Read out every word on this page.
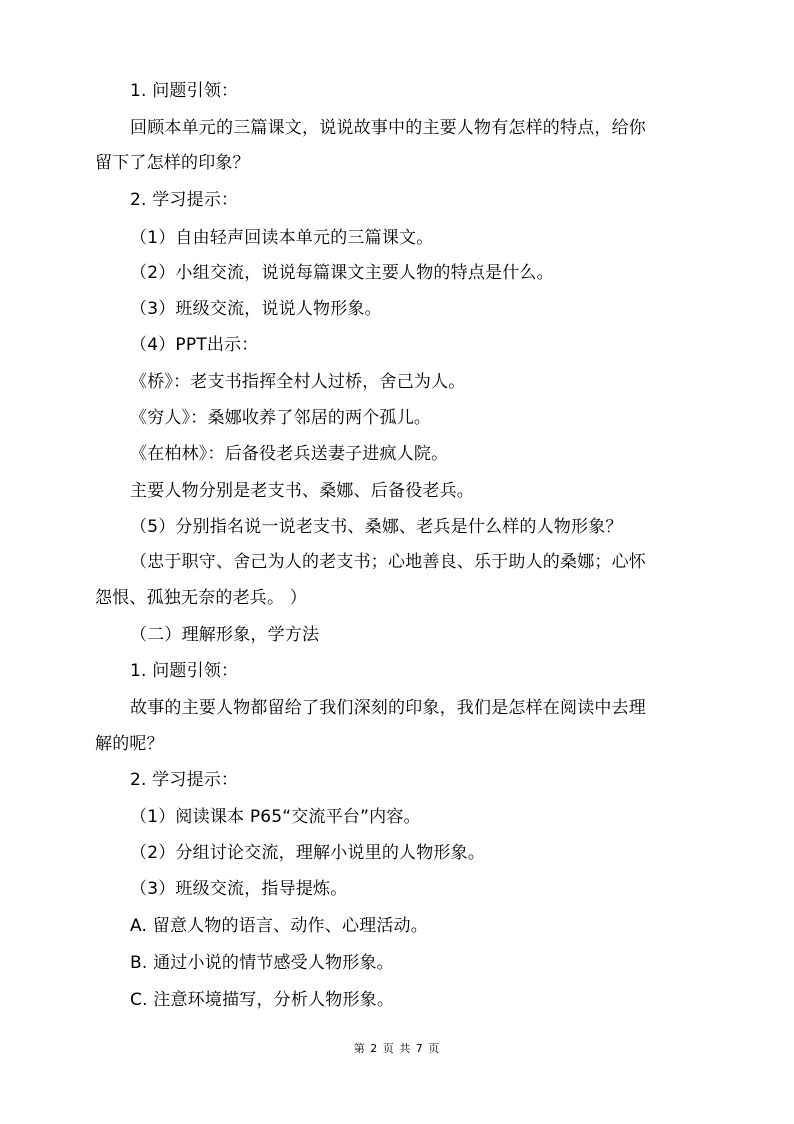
1. 问题引领：
回顾本单元的三篇课文，说说故事中的主要人物有怎样的特点，给你
留下了怎样的印象？
2. 学习提示：
（1）自由轻声回读本单元的三篇课文。
（2）小组交流，说说每篇课文主要人物的特点是什么。
（3）班级交流，说说人物形象。
（4）PPT出示：
《桥》：老支书指挥全村人过桥，舍己为人。
《穷人》：桑娜收养了邻居的两个孤儿。
《在柏林》：后备役老兵送妻子进疯人院。
主要人物分别是老支书、桑娜、后备役老兵。
（5）分别指名说一说老支书、桑娜、老兵是什么样的人物形象？
（忠于职守、舍己为人的老支书；心地善良、乐于助人的桑娜；心怀
怨恨、孤独无奈的老兵。 ）
（二）理解形象，学方法
1. 问题引领：
故事的主要人物都留给了我们深刻的印象，我们是怎样在阅读中去理
解的呢？
2. 学习提示：
（1）阅读课本 P65“交流平台”内容。
（2）分组讨论交流，理解小说里的人物形象。
（3）班级交流，指导提炼。
A. 留意人物的语言、动作、心理活动。
B. 通过小说的情节感受人物形象。
C. 注意环境描写，分析人物形象。
第 2 页 共 7 页
